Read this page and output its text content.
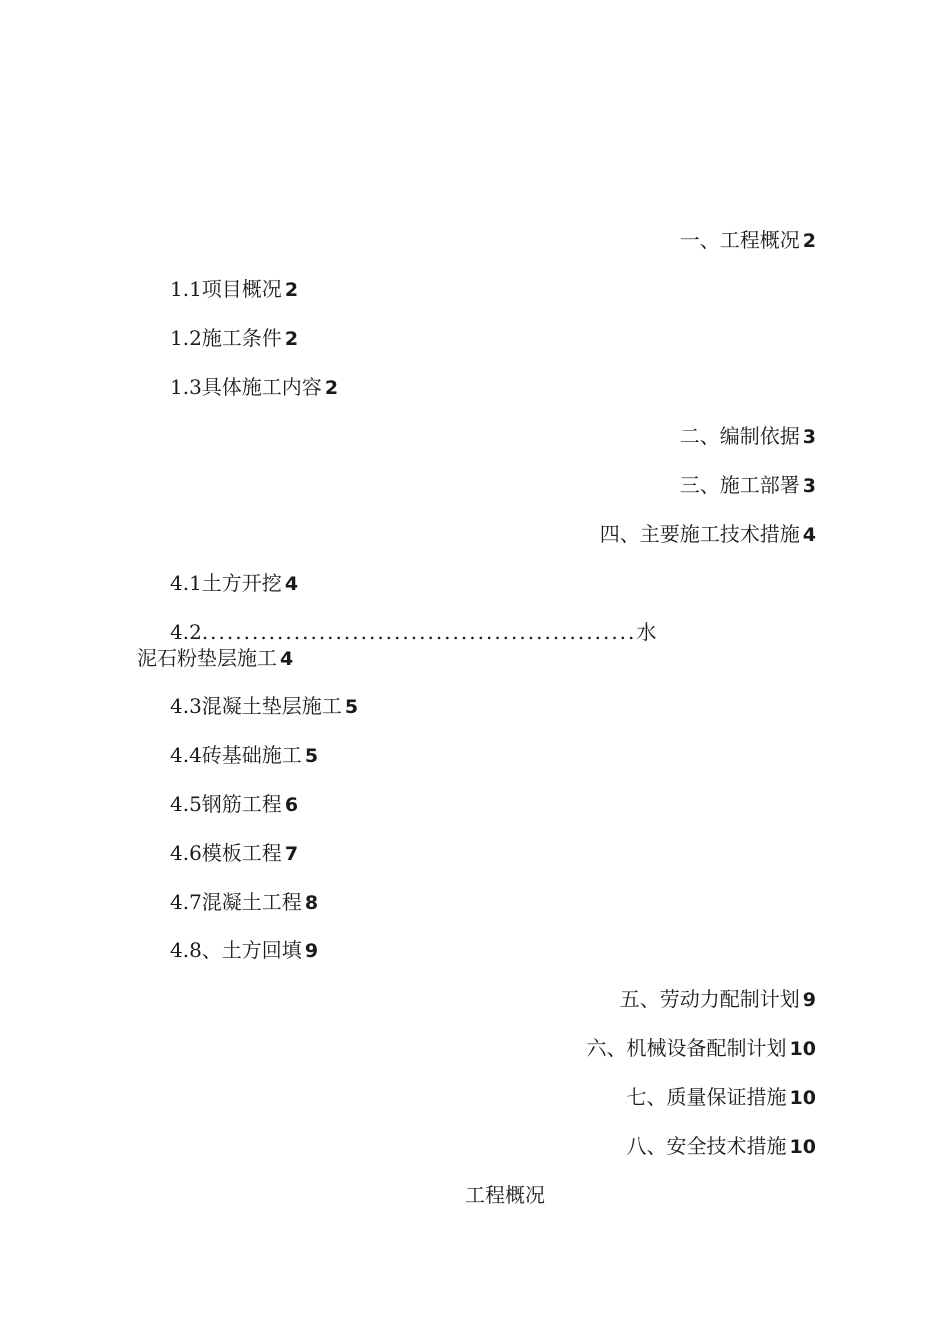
一、工程概况 2
1.1项目概况 2
1.2施工条件 2
1.3具体施工内容 2
二、编制依据 3
三、施工部署 3
四、主要施工技术措施 4
4.1土方开挖 4
4.2....................................................水
泥石粉垫层施工 4
4.3混凝土垫层施工 5
4.4砖基础施工 5
4.5钢筋工程 6
4.6模板工程 7
4.7混凝土工程 8
4.8、土方回填 9
五、劳动力配制计划 9
六、机械设备配制计划 10
七、质量保证措施 10
八、安全技术措施 10
工程概况
